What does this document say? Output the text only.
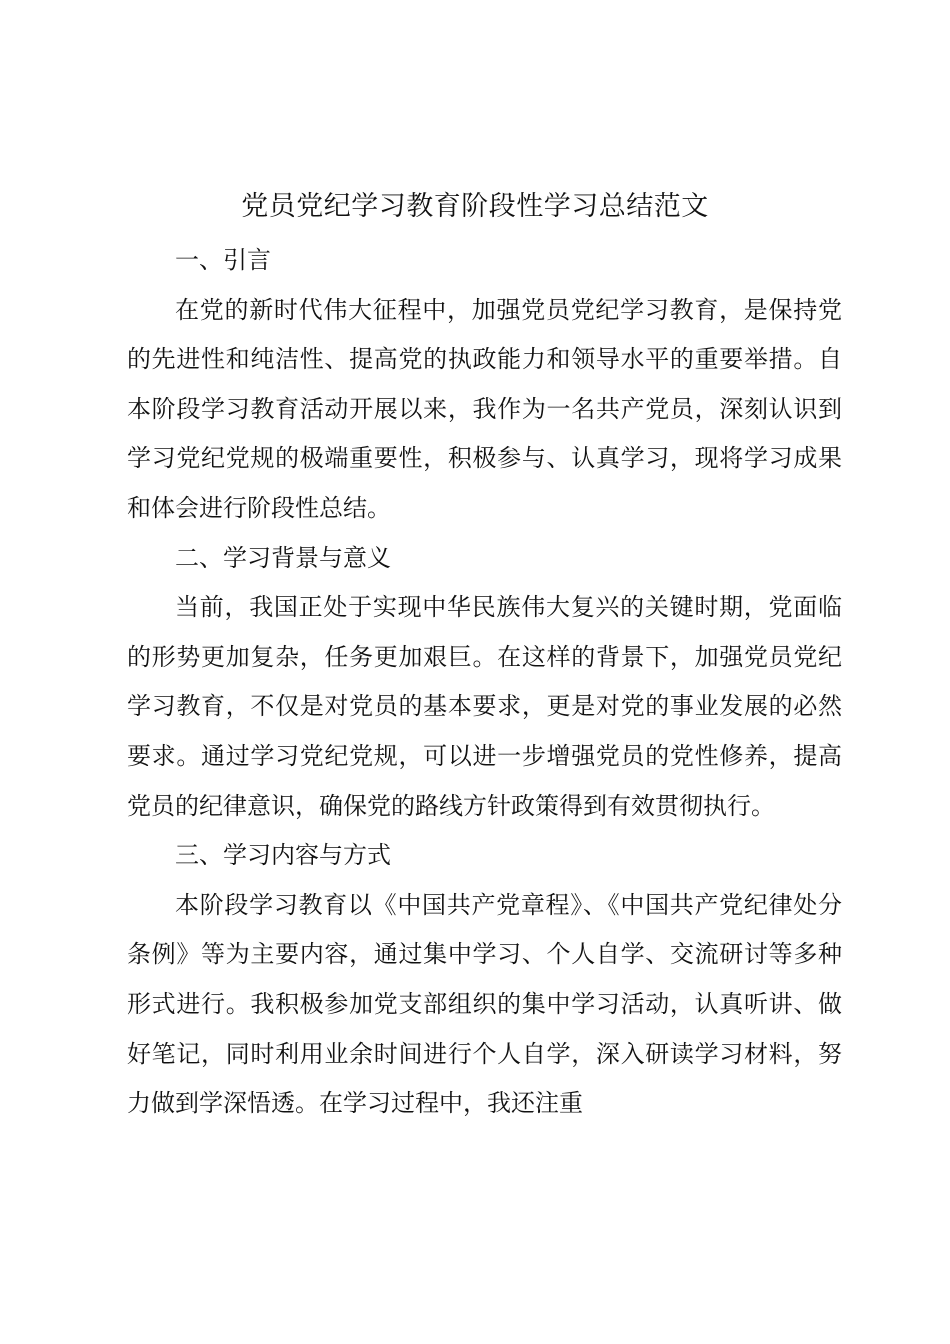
党员党纪学习教育阶段性学习总结范文

一、引言

在党的新时代伟大征程中，加强党员党纪学习教育，是保持党的先进性和纯洁性、提高党的执政能力和领导水平的重要举措。自本阶段学习教育活动开展以来，我作为一名共产党员，深刻认识到学习党纪党规的极端重要性，积极参与、认真学习，现将学习成果和体会进行阶段性总结。

二、学习背景与意义

当前，我国正处于实现中华民族伟大复兴的关键时期，党面临的形势更加复杂，任务更加艰巨。在这样的背景下，加强党员党纪学习教育，不仅是对党员的基本要求，更是对党的事业发展的必然要求。通过学习党纪党规，可以进一步增强党员的党性修养，提高党员的纪律意识，确保党的路线方针政策得到有效贯彻执行。

三、学习内容与方式

本阶段学习教育以《中国共产党章程》、《中国共产党纪律处分条例》等为主要内容，通过集中学习、个人自学、交流研讨等多种形式进行。我积极参加党支部组织的集中学习活动，认真听讲、做好笔记，同时利用业余时间进行个人自学，深入研读学习材料，努力做到学深悟透。在学习过程中，我还注重
